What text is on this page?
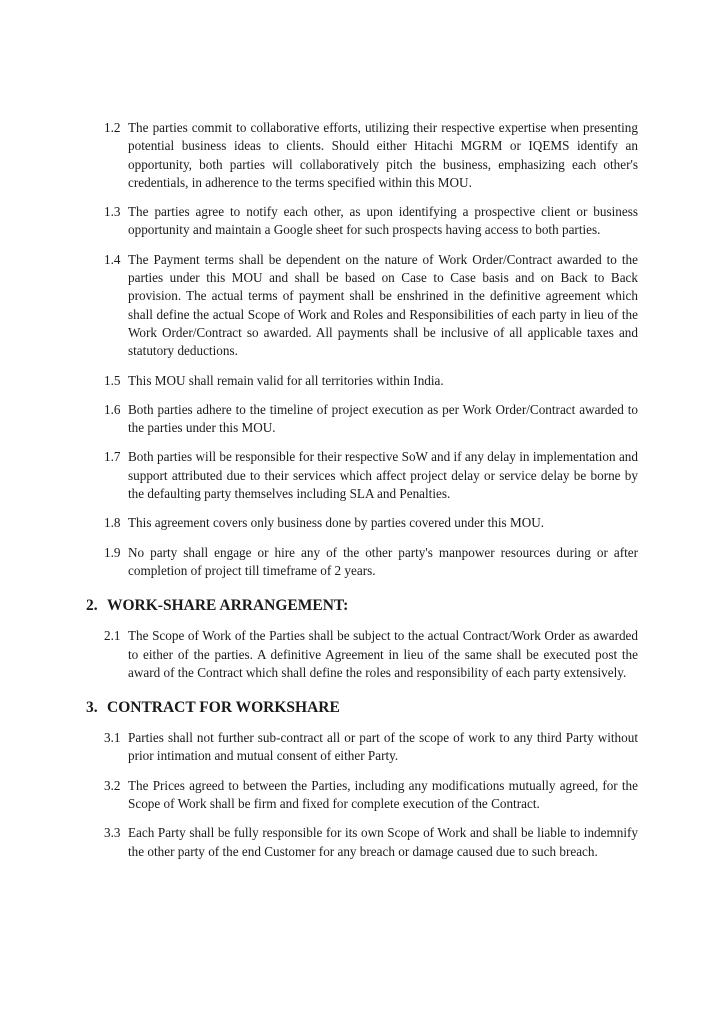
1.2 The parties commit to collaborative efforts, utilizing their respective expertise when presenting potential business ideas to clients. Should either Hitachi MGRM or IQEMS identify an opportunity, both parties will collaboratively pitch the business, emphasizing each other's credentials, in adherence to the terms specified within this MOU.
1.3 The parties agree to notify each other, as upon identifying a prospective client or business opportunity and maintain a Google sheet for such prospects having access to both parties.
1.4 The Payment terms shall be dependent on the nature of Work Order/Contract awarded to the parties under this MOU and shall be based on Case to Case basis and on Back to Back provision. The actual terms of payment shall be enshrined in the definitive agreement which shall define the actual Scope of Work and Roles and Responsibilities of each party in lieu of the Work Order/Contract so awarded. All payments shall be inclusive of all applicable taxes and statutory deductions.
1.5 This MOU shall remain valid for all territories within India.
1.6 Both parties adhere to the timeline of project execution as per Work Order/Contract awarded to the parties under this MOU.
1.7 Both parties will be responsible for their respective SoW and if any delay in implementation and support attributed due to their services which affect project delay or service delay be borne by the defaulting party themselves including SLA and Penalties.
1.8 This agreement covers only business done by parties covered under this MOU.
1.9 No party shall engage or hire any of the other party's manpower resources during or after completion of project till timeframe of 2 years.
2. WORK-SHARE ARRANGEMENT:
2.1 The Scope of Work of the Parties shall be subject to the actual Contract/Work Order as awarded to either of the parties. A definitive Agreement in lieu of the same shall be executed post the award of the Contract which shall define the roles and responsibility of each party extensively.
3. CONTRACT FOR WORKSHARE
3.1 Parties shall not further sub-contract all or part of the scope of work to any third Party without prior intimation and mutual consent of either Party.
3.2 The Prices agreed to between the Parties, including any modifications mutually agreed, for the Scope of Work shall be firm and fixed for complete execution of the Contract.
3.3 Each Party shall be fully responsible for its own Scope of Work and shall be liable to indemnify the other party of the end Customer for any breach or damage caused due to such breach.
